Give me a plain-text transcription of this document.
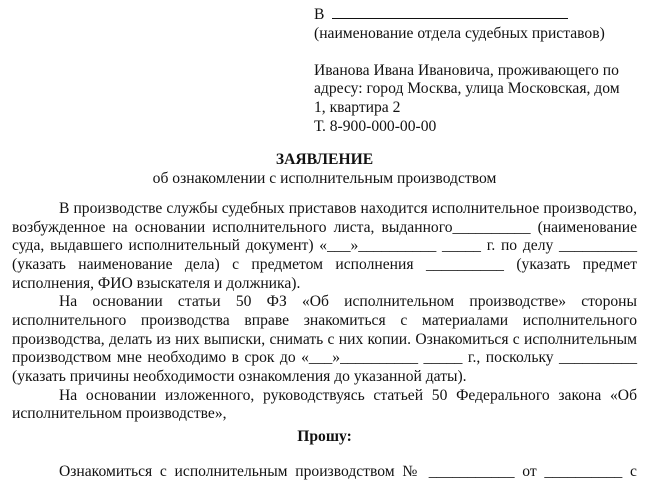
В
(наименование отдела судебных приставов)
Иванова Ивана Ивановича, проживающего по
адресу: город Москва, улица Московская, дом
1, квартира 2
Т. 8-900-000-00-00
ЗАЯВЛЕНИЕ
об ознакомлении с исполнительным производством

В производстве службы судебных приставов находится исполнительное производство, возбужденное на основании исполнительного листа, выданного__________ (наименование суда, выдавшего исполнительный документ) «___»__________ _____ г. по делу __________ (указать наименование дела) с предметом исполнения __________ (указать предмет исполнения, ФИО взыскателя и должника).

На основании статьи 50 ФЗ «Об исполнительном производстве» стороны исполнительного производства вправе знакомиться с материалами исполнительного производства, делать из них выписки, снимать с них копии. Ознакомиться с исполнительным производством мне необходимо в срок до «___»__________ _____ г., поскольку __________ (указать причины необходимости ознакомления до указанной даты).

На основании изложенного, руководствуясь статьей 50 Федерального закона «Об исполнительном производстве»,

Прошу:
Ознакомиться с исполнительным производством № ___________ от __________ с
